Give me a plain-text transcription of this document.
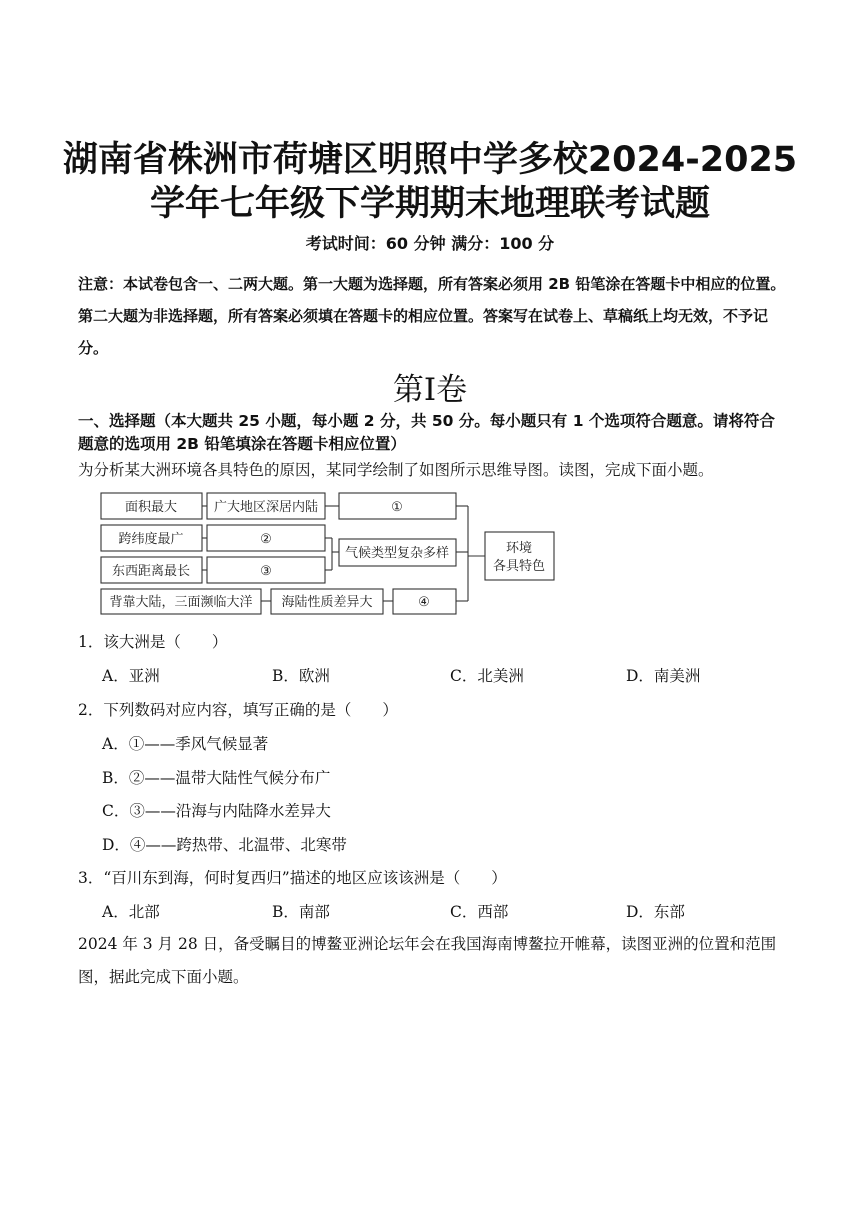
湖南省株洲市荷塘区明照中学多校2024-2025
学年七年级下学期期末地理联考试题
考试时间：60 分钟 满分：100 分
注意：本试卷包含一、二两大题。第一大题为选择题，所有答案必须用 2B 铅笔涂在答题卡中相应的位置。第二大题为非选择题，所有答案必须填在答题卡的相应位置。答案写在试卷上、草稿纸上均无效，不予记分。
第Ⅰ卷
一、选择题（本大题共 25 小题，每小题 2 分，共 50 分。每小题只有 1 个选项符合题意。请将符合题意的选项用 2B 铅笔填涂在答题卡相应位置）
为分析某大洲环境各具特色的原因，某同学绘制了如图所示思维导图。读图，完成下面小题。
面积最大	广大地区深居内陆	①
跨纬度最广	②
气候类型复杂多样
东西距离最长	③
环境
各具特色
背靠大陆，三面濒临大洋 海陆性质差异大	④
1．该大洲是（　　）
A．亚洲	B．欧洲	C．北美洲	D．南美洲
2．下列数码对应内容，填写正确的是（　　）
A．①——季风气候显著
B．②——温带大陆性气候分布广
C．③——沿海与内陆降水差异大
D．④——跨热带、北温带、北寒带
3．“百川东到海，何时复西归”描述的地区应该该洲是（　　）
A．北部	B．南部	C．西部	D．东部
2024 年 3 月 28 日，备受瞩目的博鳌亚洲论坛年会在我国海南博鳌拉开帷幕，读图亚洲的位置和范围图，据此完成下面小题。
